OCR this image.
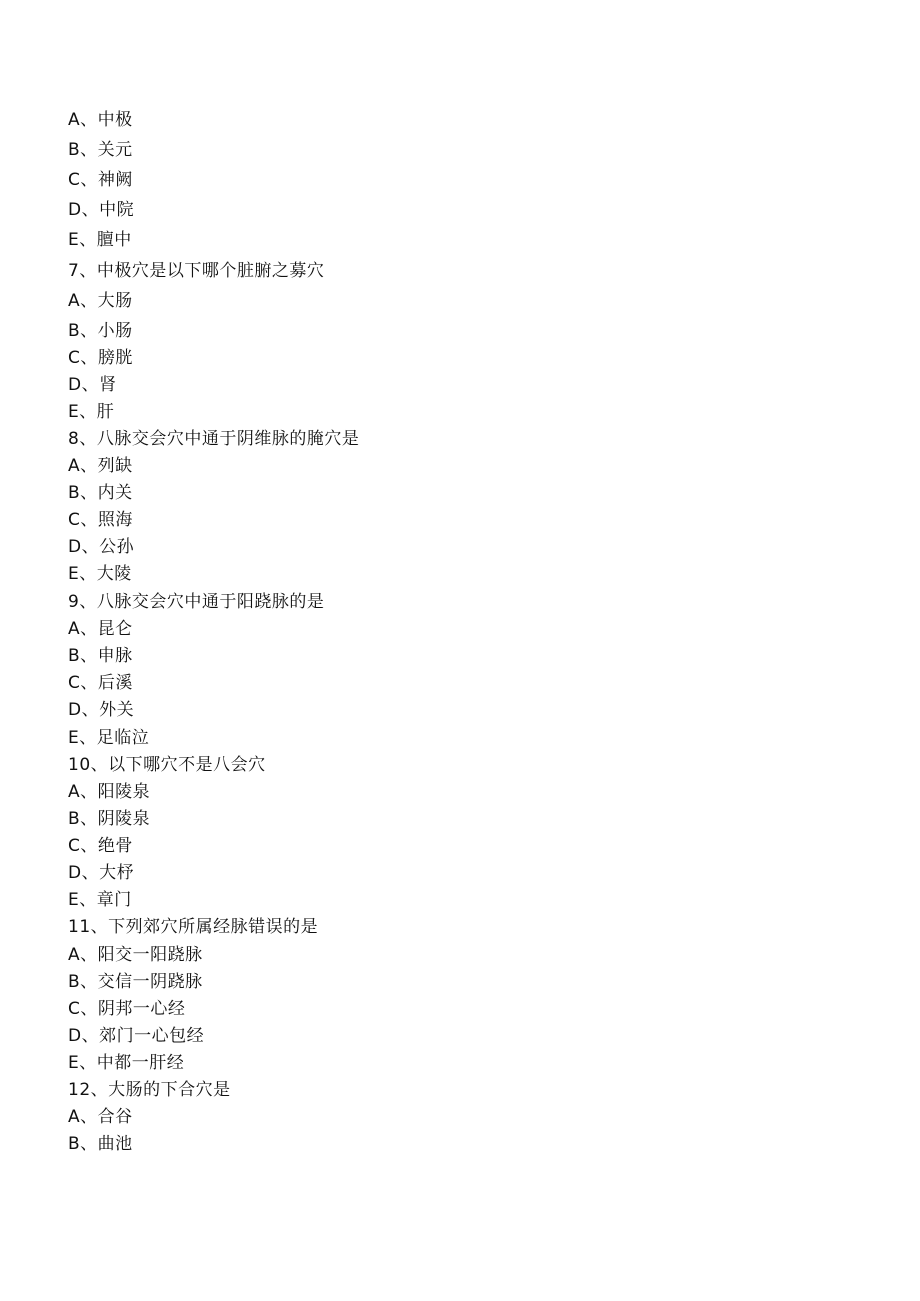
A、中极
B、关元
C、神阙
D、中院
E、膻中
7、中极穴是以下哪个脏腑之募穴
A、大肠
B、小肠
C、膀胱
D、肾
E、肝
8、八脉交会穴中通于阴维脉的腌穴是
A、列缺
B、内关
C、照海
D、公孙
E、大陵
9、八脉交会穴中通于阳跷脉的是
A、昆仑
B、申脉
C、后溪
D、外关
E、足临泣
10、以下哪穴不是八会穴
A、阳陵泉
B、阴陵泉
C、绝骨
D、大杼
E、章门
11、下列郊穴所属经脉错误的是
A、阳交一阳跷脉
B、交信一阴跷脉
C、阴邦一心经
D、郊门一心包经
E、中都一肝经
12、大肠的下合穴是
A、合谷
B、曲池
